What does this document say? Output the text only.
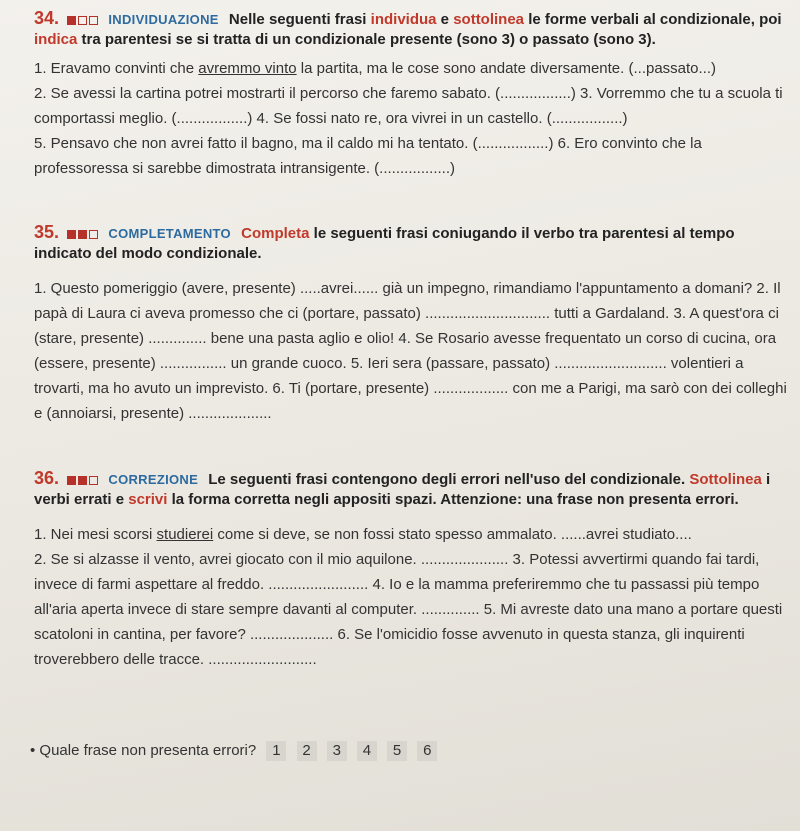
34.	INDIVIDUAZIONE Nelle seguenti frasi individua e sottolinea le forme verbali al condizionale, poi indica tra parentesi se si tratta di un condizionale presente (sono 3) o passato (sono 3).

1. Eravamo convinti che avremmo vinto la partita, ma le cose sono andate diversamente. (...passato...)

2. Se avessi la cartina potrei mostrarti il percorso che faremo sabato. (.................) 3. Vorremmo che tu a scuola ti comportassi meglio. (.................) 4. Se fossi nato re, ora vivrei in un castello. (.................)

5. Pensavo che non avrei fatto il bagno, ma il caldo mi ha tentato. (.................) 6. Ero convinto che la professoressa si sarebbe dimostrata intransigente. (.................)

35.	COMPLETAMENTO Completa le seguenti frasi coniugando il verbo tra parentesi al tempo indicato del modo condizionale.

1. Questo pomeriggio (avere, presente) .....avrei...... già un impegno, rimandiamo l'appuntamento a domani? 2. Il papà di Laura ci aveva promesso che ci (portare, passato) .............................. tutti a Gardaland. 3. A quest'ora ci (stare, presente) .............. bene una pasta aglio e olio! 4. Se Rosario avesse frequentato un corso di cucina, ora (essere, presente) ................ un grande cuoco. 5. Ieri sera (passare, passato) ........................... volentieri a trovarti, ma ho avuto un imprevisto. 6. Ti (portare, presente) .................. con me a Parigi, ma sarò con dei colleghi e (annoiarsi, presente) ....................

36.	CORREZIONE Le seguenti frasi contengono degli errori nell'uso del condizionale. Sottolinea i verbi errati e scrivi la forma corretta negli appositi spazi. Attenzione: una frase non presenta errori.

1. Nei mesi scorsi studierei come si deve, se non fossi stato spesso ammalato. ......avrei studiato....

2. Se si alzasse il vento, avrei giocato con il mio aquilone. ..................... 3. Potessi avvertirmi quando fai tardi, invece di farmi aspettare al freddo. ........................ 4. Io e la mamma preferiremmo che tu passassi più tempo all'aria aperta invece di stare sempre davanti al computer. .............. 5. Mi avreste dato una mano a portare questi scatoloni in cantina, per favore? .................... 6. Se l'omicidio fosse avvenuto in questa stanza, gli inquirenti troverebbero delle tracce. ..........................

• Quale frase non presenta errori? 1 2 3 4 5 6
